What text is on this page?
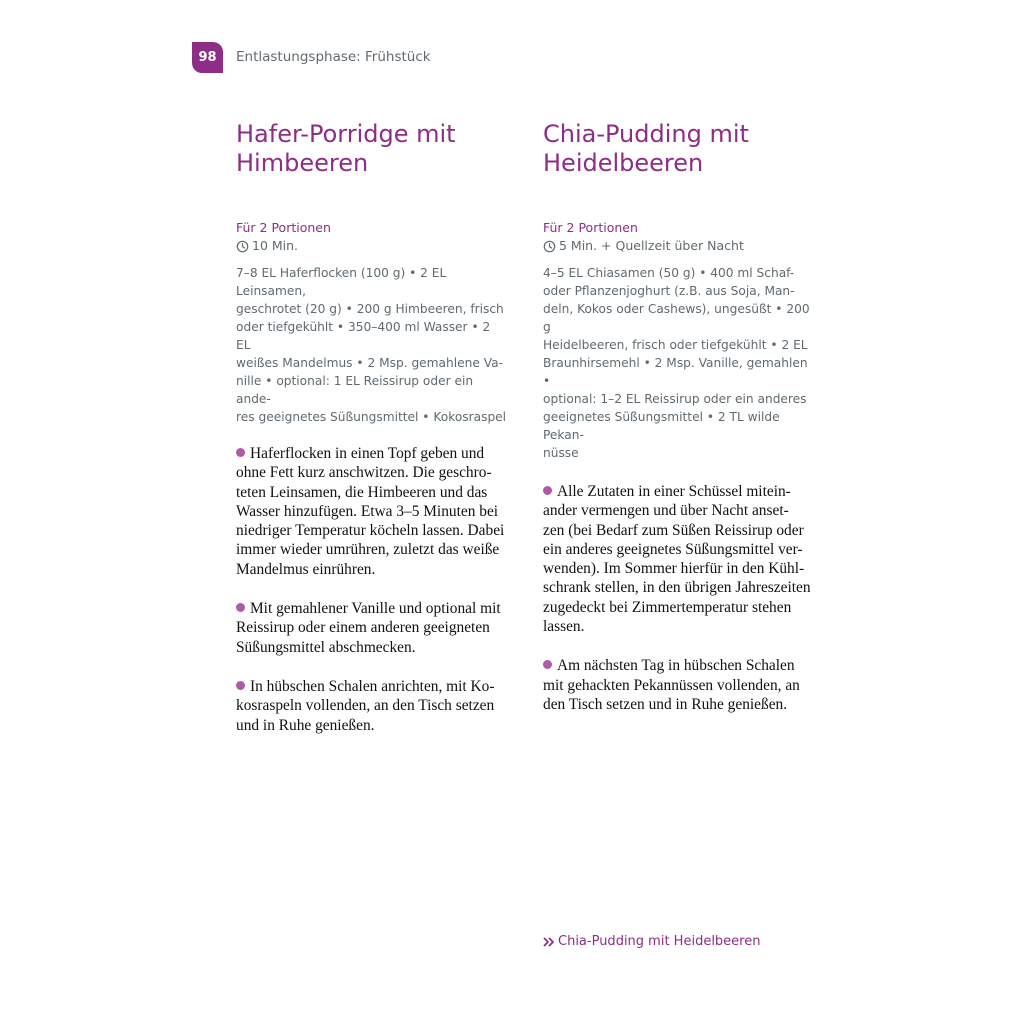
98 Entlastungsphase: Frühstück
Hafer-Porridge mit
Himbeeren
Für 2 Portionen
10 Min.
7–8 EL Haferflocken (100 g) • 2 EL Leinsamen,
geschrotet (20 g) • 200 g Himbeeren, frisch
oder tiefgekühlt • 350–400 ml Wasser • 2 EL
weißes Mandelmus • 2 Msp. gemahlene Va-
nille • optional: 1 EL Reissirup oder ein ande-
res geeignetes Süßungsmittel • Kokosraspel
Haferflocken in einen Topf geben und
ohne Fett kurz anschwitzen. Die geschro-
teten Leinsamen, die Himbeeren und das
Wasser hinzufügen. Etwa 3–5 Minuten bei
niedriger Temperatur köcheln lassen. Dabei
immer wieder umrühren, zuletzt das weiße
Mandelmus einrühren.
Mit gemahlener Vanille und optional mit
Reissirup oder einem anderen geeigneten
Süßungsmittel abschmecken.
In hübschen Schalen anrichten, mit Ko-
kosraspeln vollenden, an den Tisch setzen
und in Ruhe genießen.
Chia-Pudding mit
Heidelbeeren
Für 2 Portionen
5 Min. + Quellzeit über Nacht
4–5 EL Chiasamen (50 g) • 400 ml Schaf-
oder Pflanzenjoghurt (z.B. aus Soja, Man-
deln, Kokos oder Cashews), ungesüßt • 200 g
Heidelbeeren, frisch oder tiefgekühlt • 2 EL
Braunhirsemehl • 2 Msp. Vanille, gemahlen •
optional: 1–2 EL Reissirup oder ein anderes
geeignetes Süßungsmittel • 2 TL wilde Pekan-
nüsse
Alle Zutaten in einer Schüssel mitein-
ander vermengen und über Nacht anset-
zen (bei Bedarf zum Süßen Reissirup oder
ein anderes geeignetes Süßungsmittel ver-
wenden). Im Sommer hierfür in den Kühl-
schrank stellen, in den übrigen Jahreszeiten
zugedeckt bei Zimmertemperatur stehen
lassen.
Am nächsten Tag in hübschen Schalen
mit gehackten Pekannüssen vollenden, an
den Tisch setzen und in Ruhe genießen.
Chia-Pudding mit Heidelbeeren
